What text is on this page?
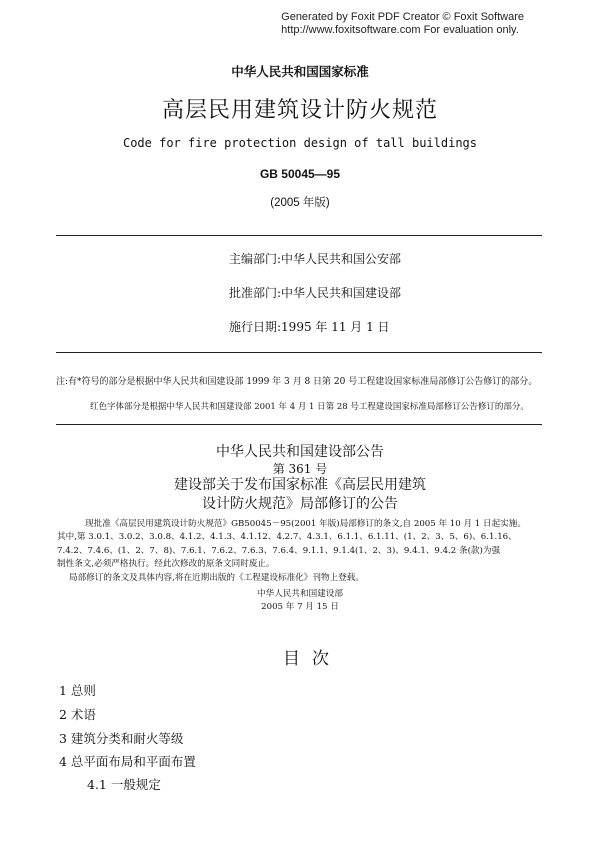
Generated by Foxit PDF Creator © Foxit Software
http://www.foxitsoftware.com For evaluation only.
中华人民共和国国家标准
高层民用建筑设计防火规范
Code for fire protection design of tall buildings
GB 50045—95
(2005 年版)
主编部门:中华人民共和国公安部
批准部门:中华人民共和国建设部
施行日期:1995 年 11 月 1 日
注:有*符号的部分是根据中华人民共和国建设部 1999 年 3 月 8 日第 20 号工程建设国家标准局部修订公告修订的部分。
红色字体部分是根据中华人民共和国建设部 2001 年 4 月 1 日第 28 号工程建设国家标准局部修订公告修订的部分。
中华人民共和国建设部公告
第 361 号
建设部关于发布国家标准《高层民用建筑
设计防火规范》局部修订的公告
现批准《高层民用建筑设计防火规范》GB50045－95(2001 年版)局部修订的条文,自 2005 年 10 月 1 日起实施。
其中,第 3.0.1、3.0.2、3.0.8、4.1.2、4.1.3、4.1.12、4.2.7、4.3.1、6.1.1、6.1.11、(1、2、3、5、6)、6.1.16、
7.4.2、7.4.6、(1、2、7、8)、7.6.1、7.6.2、7.6.3、7.6.4、9.1.1、9.1.4(1、2、3)、9.4.1、9.4.2 条(款)为强
制性条文,必须严格执行。经此次修改的原条文同时废止。
局部修订的条文及具体内容,将在近期出版的《工程建设标准化》刊物上登载。
中华人民共和国建设部
2005 年 7 月 15 日
目次
1 总则
2 术语
3 建筑分类和耐火等级
4 总平面布局和平面布置
4.1 一般规定
